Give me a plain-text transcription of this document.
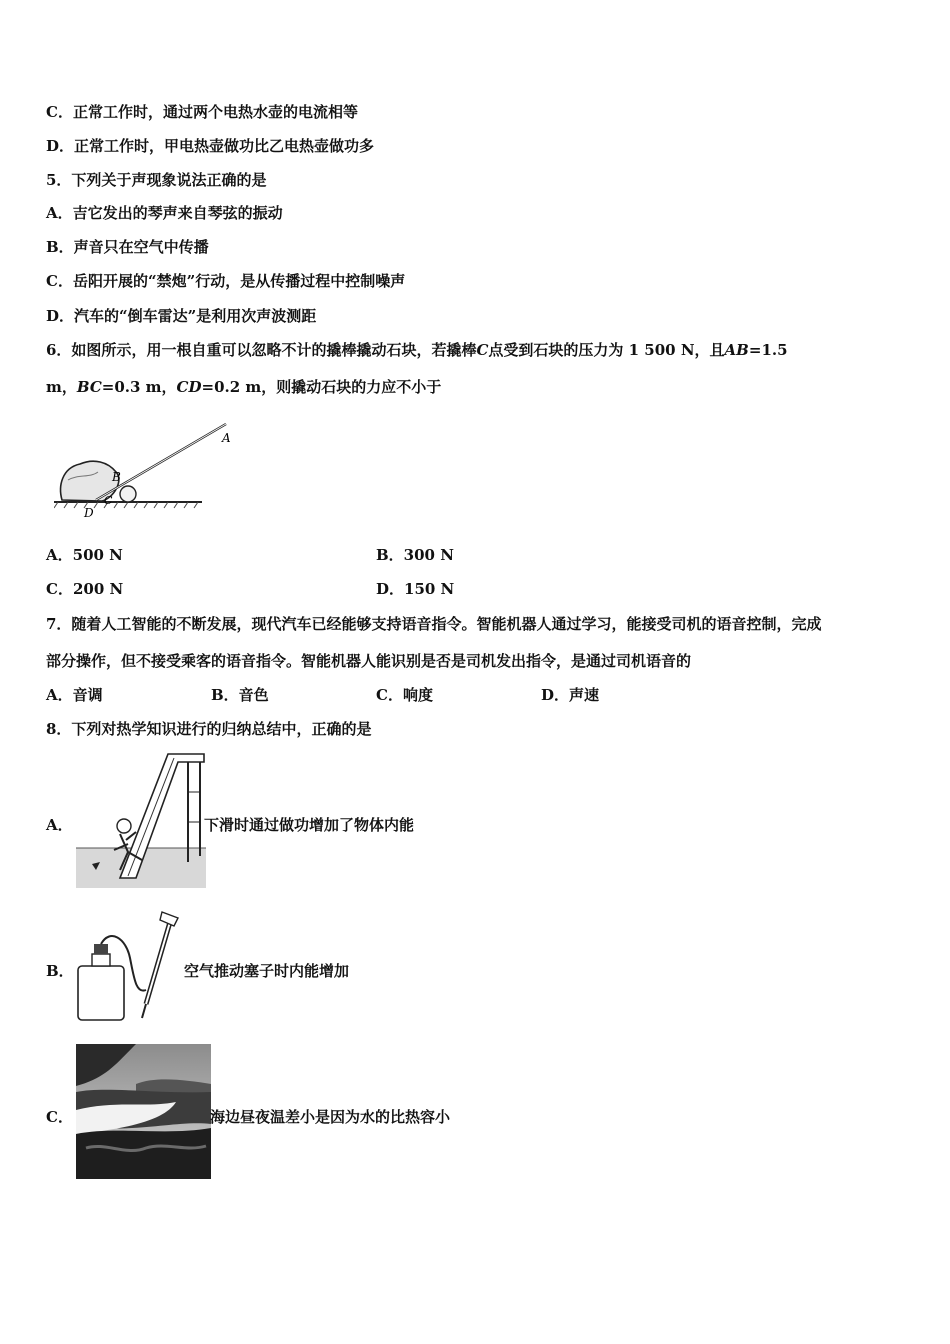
C．正常工作时，通过两个电热水壶的电流相等
D．正常工作时，甲电热壶做功比乙电热壶做功多
5．下列关于声现象说法正确的是
A．吉它发出的琴声来自琴弦的振动
B．声音只在空气中传播
C．岳阳开展的“禁炮”行动，是从传播过程中控制噪声
D．汽车的“倒车雷达”是利用次声波测距
6．如图所示，用一根自重可以忽略不计的撬棒撬动石块，若撬棒C点受到石块的压力为 1 500 N，且AB=1.5
m，BC=0.3 m，CD=0.2 m，则撬动石块的力应不小于
A
B
C
D
A．500 N	B．300 N
C．200 N	D．150 N
7．随着人工智能的不断发展，现代汽车已经能够支持语音指令。智能机器人通过学习，能接受司机的语音控制，完成
部分操作，但不接受乘客的语音指令。智能机器人能识别是否是司机发出指令，是通过司机语音的
A．音调	B．音色	C．响度	D．声速
8．下列对热学知识进行的归纳总结中，正确的是
A．	下滑时通过做功增加了物体内能
B．	空气推动塞子时内能增加
C．	海边昼夜温差小是因为水的比热容小
